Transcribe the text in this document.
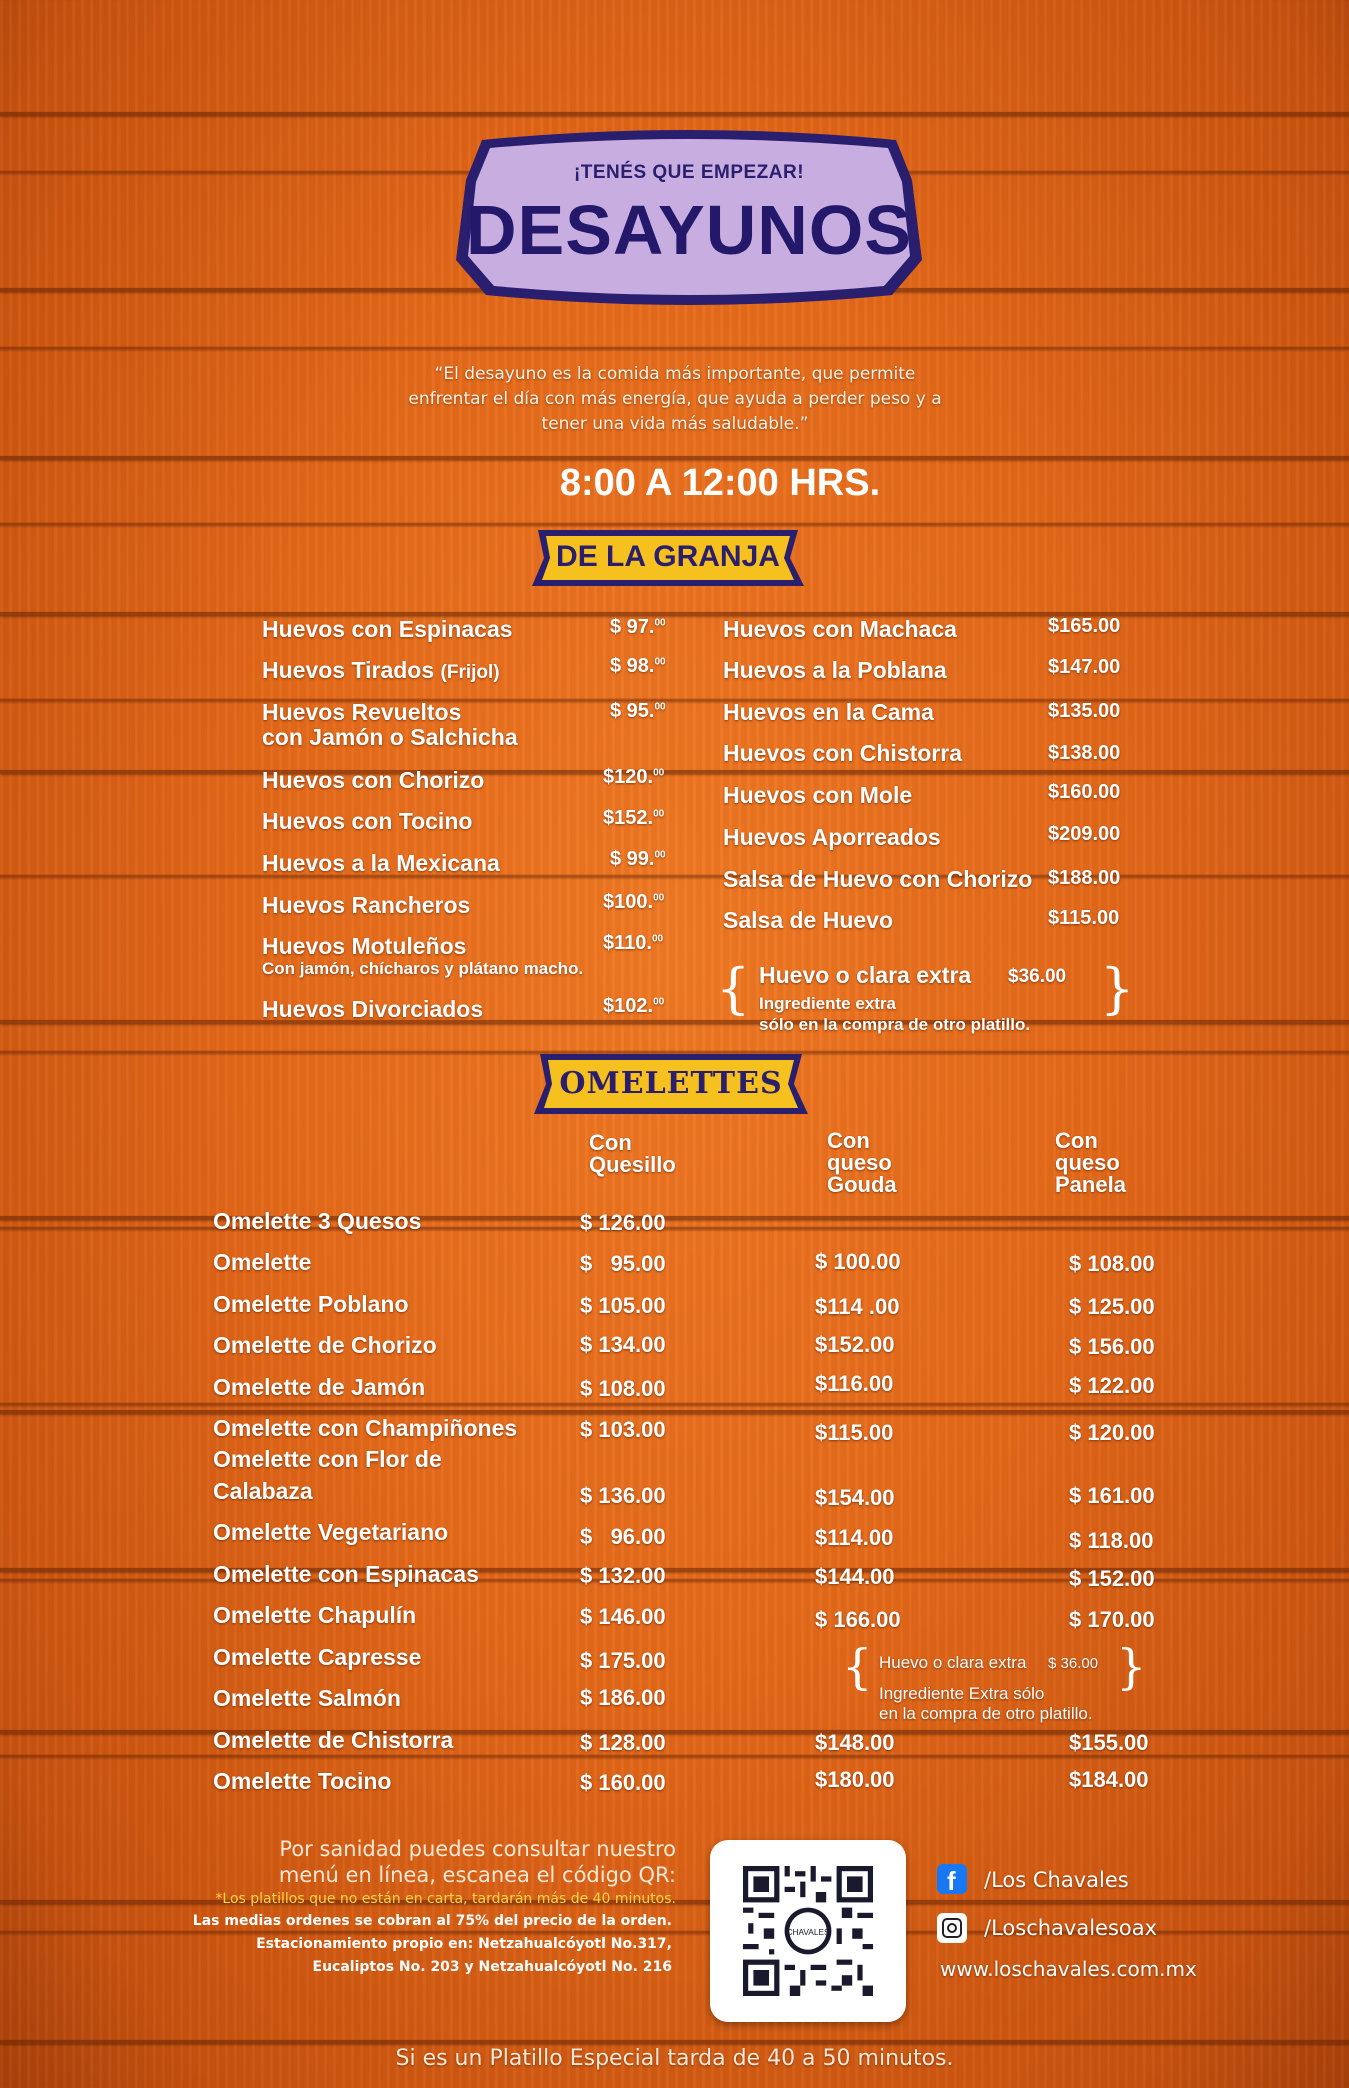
¡TENÉS QUE EMPEZAR!
DESAYUNOS
“El desayuno es la comida más importante, que permite
enfrentar el día con más energía, que ayuda a perder peso y a
tener una vida más saludable.”
8:00 A 12:00 HRS.
DE LA GRANJA
Huevos con Espinacas	$ 97.00
Huevos Tirados (Frijol)	$ 98.00
Huevos Revueltos
con Jamón o Salchicha
$ 95.00
Huevos con Chorizo	$120.00
Huevos con Tocino	$152.00
Huevos a la Mexicana	$ 99.00
Huevos Rancheros	$100.00
Huevos Motuleños
Con jamón, chícharos y plátano macho.
$110.00
Huevos Divorciados	$102.00
Huevos con Machaca	$165.00
Huevos a la Poblana	$147.00
Huevos en la Cama	$135.00
Huevos con Chistorra	$138.00
Huevos con Mole	$160.00
Huevos Aporreados	$209.00
Salsa de Huevo con Chorizo $188.00
Salsa de Huevo	$115.00
{	}
Huevo o clara extra $36.00
Ingrediente extra
sólo en la compra de otro platillo.
OMELETTES
Con Quesillo
Con queso Gouda
Con queso Panela
Omelette 3 Quesos	$ 126.00
Omelette	$   95.00	$ 100.00	$ 108.00
Omelette Poblano	$ 105.00	$114 .00	$ 125.00
Omelette de Chorizo	$ 134.00	$152.00	$ 156.00
Omelette de Jamón	$ 108.00	$116.00	$ 122.00
Omelette con Champiñones	$ 103.00	$115.00	$ 120.00
Omelette con Flor de
Calabaza	$ 136.00	$154.00	$ 161.00
Omelette Vegetariano	$   96.00	$114.00	$ 118.00
Omelette con Espinacas	$ 132.00	$144.00	$ 152.00
Omelette Chapulín	$ 146.00	$ 166.00	$ 170.00
Omelette Capresse	$ 175.00
Omelette Salmón	$ 186.00
Omelette de Chistorra	$ 128.00	$148.00	$155.00
Omelette Tocino	$ 160.00	$180.00	$184.00
{	}
Huevo o clara extra $ 36.00
Ingrediente Extra sólo
en la compra de otro platillo.
Por sanidad puedes consultar nuestro
menú en línea, escanea el código QR:
*Los platillos que no están en carta, tardarán más de 40 minutos.
Las medias ordenes se cobran al 75% del precio de la orden.
Estacionamiento propio en: Netzahualcóyotl No.317,
Eucaliptos No. 203 y Netzahualcóyotl No. 216
CHAVALES
f /Los Chavales
/Loschavalesoax
www.loschavales.com.mx
Si es un Platillo Especial tarda de 40 a 50 minutos.
